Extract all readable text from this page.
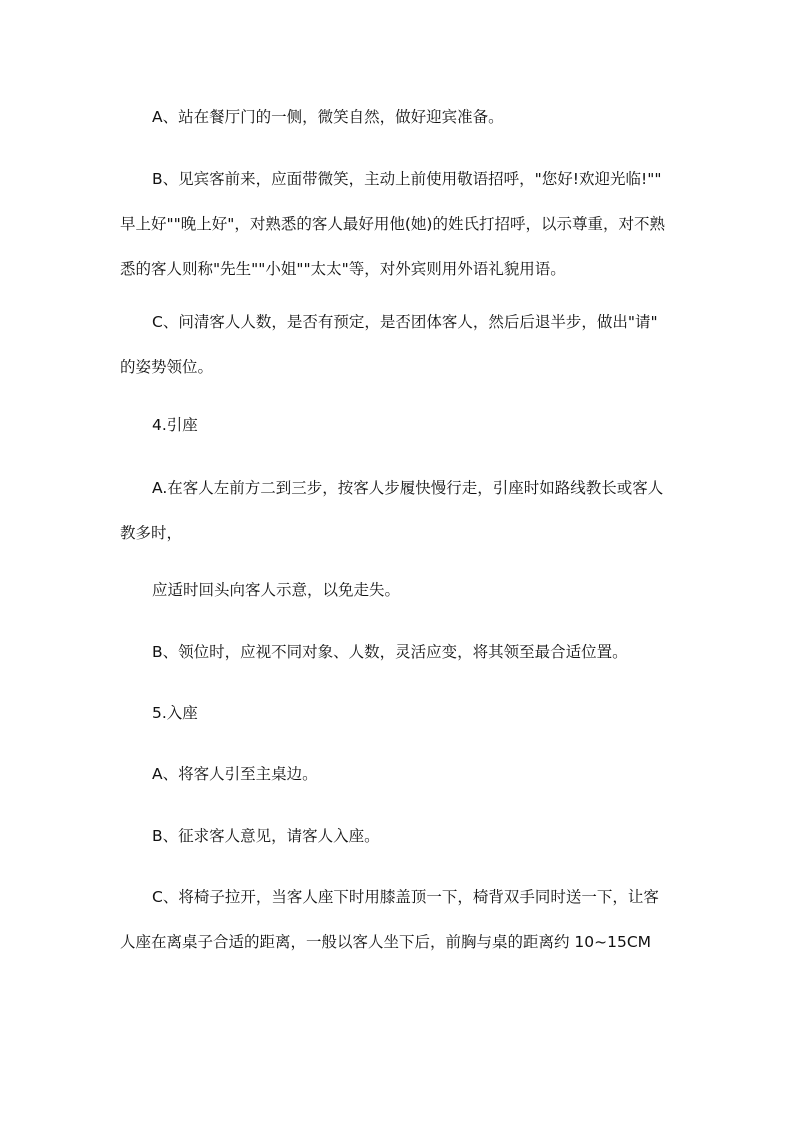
A、站在餐厅门的一侧，微笑自然，做好迎宾准备。

B、见宾客前来，应面带微笑，主动上前使用敬语招呼，"您好!欢迎光临!""
早上好""晚上好"，对熟悉的客人最好用他(她)的姓氏打招呼，以示尊重，对不熟
悉的客人则称"先生""小姐""太太"等，对外宾则用外语礼貌用语。

C、问清客人人数，是否有预定，是否团体客人，然后后退半步，做出"请"
的姿势领位。

4.引座

A.在客人左前方二到三步，按客人步履快慢行走，引座时如路线教长或客人
教多时，

应适时回头向客人示意，以免走失。

B、领位时，应视不同对象、人数，灵活应变，将其领至最合适位置。

5.入座

A、将客人引至主桌边。

B、征求客人意见，请客人入座。

C、将椅子拉开，当客人座下时用膝盖顶一下，椅背双手同时送一下，让客
人座在离桌子合适的距离，一般以客人坐下后，前胸与桌的距离约 10~15CM
